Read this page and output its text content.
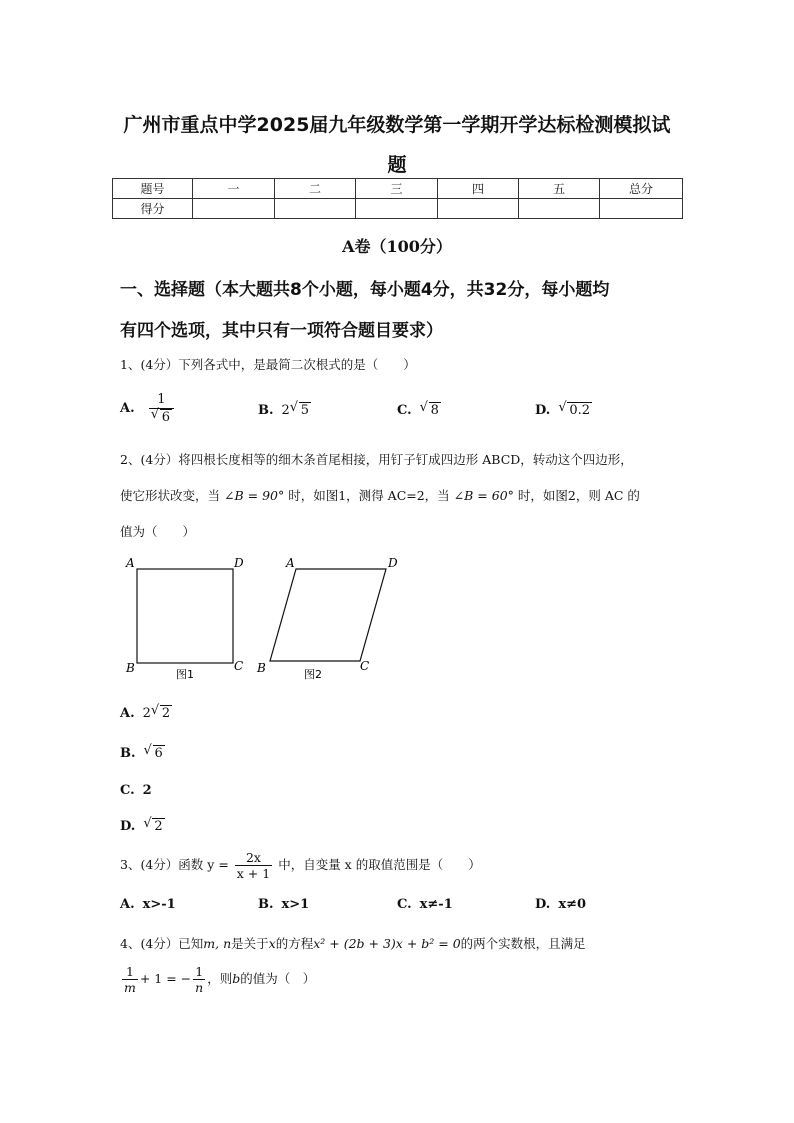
广州市重点中学2025届九年级数学第一学期开学达标检测模拟试
题
题号	一	二	三	四	五	总分
得分						
A卷（100分）
一、选择题（本大题共8个小题，每小题4分，共32分，每小题均
有四个选项，其中只有一项符合题目要求）
1、(4分）下列各式中，是最简二次根式的是（　　）
A. $\frac{1}{√ 6}$	B. 2 √ 5	C. √ 8	D. √ 0.2
2、(4分）将四根长度相等的细木条首尾相接，用钉子钉成四边形 ABCD，转动这个四边形，
使它形状改变，当 ∠B = 90° 时，如图1，测得 AC=2，当 ∠B = 60° 时，如图2，则 AC 的
值为（　　）
A	D
B	C
图1
A	D
B	C
图2
A. 2 √ 2
B. √ 6
C. 2
D. √ 2
3、(4分）函数 $y = \frac{2x}{x + 1}$ 中，自变量 x 的取值范围是（　　）
A. x>-1	B. x>1	C. x≠-1	D. x≠0
4、(4分）已知m, n是关于x的方程x² + (2b + 3)x + b² = 0的两个实数根，且满足
$\frac{1}{m} + 1$ = − $\frac{1}{n}$ ，则b的值为（　）
